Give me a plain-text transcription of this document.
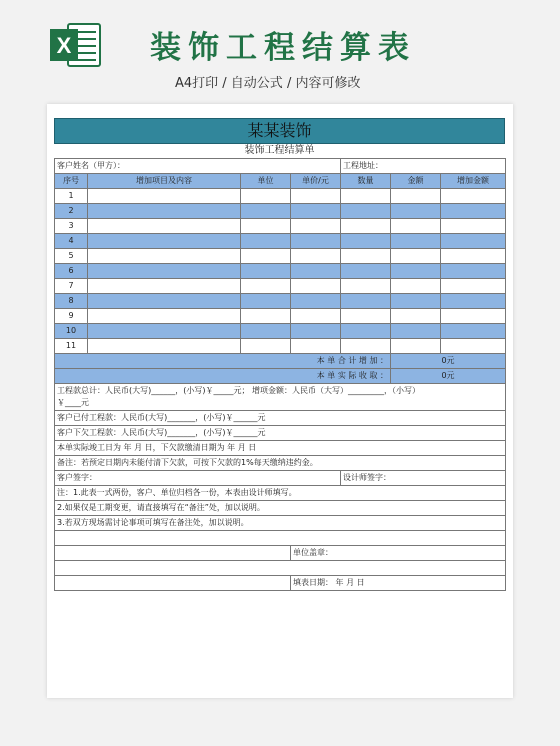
X	装饰工程结算表
A4打印 / 自动公式 / 内容可修改
某某装饰
装饰工程结算单
客户姓名（甲方）：				工程地址：		
序号	增加项目及内容	单位	单价/元	数量	金额	增加金额
1						
2						
3						
4						
5						
6						
7						
8						
9						
10						
11						
本 单 合 计 增 加 ：					0元	
本 单 实 际 收 取 ：					0元	

工程款总计：人民币(大写)______，(小写)￥_____元； 增项金额：人民币（大写）_________，（小写）
￥____元						

客户已付工程款：人民币(大写)_______，(小写)￥______元						
客户下欠工程款：人民币(大写)_______，(小写)￥______元						
本单实际竣工日为 年 月 日，下欠款缴清日期为 年 月 日						
备注：若预定日期内未能付清下欠款，可按下欠款的1%每天缴纳违约金。						
客户签字：				设计师签字：		
注：1.此表一式两份，客户、单位归档各一份，本表由设计师填写。						
2.如果仅是工期变更，请直接填写在“备注”处，加以说明。						
3.若双方现场需讨论事项可填写在备注处，加以说明。						

			单位盖章：			

			填表日期： 年 月 日			
